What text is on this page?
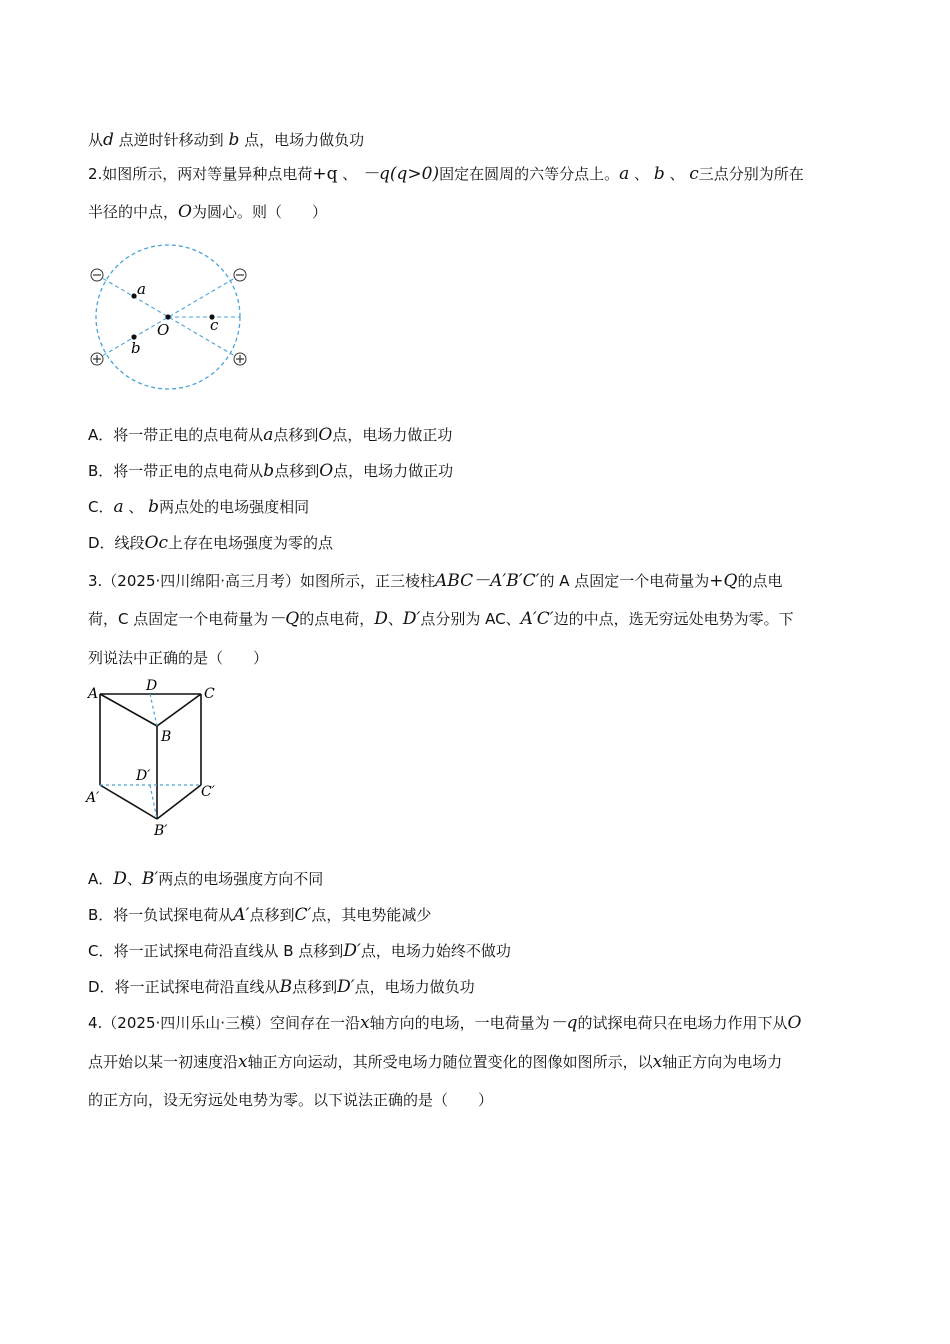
从d 点逆时针移动到 b 点，电场力做负功
2.如图所示，两对等量异种点电荷+q 、 －q(q>0)固定在圆周的六等分点上。a 、 b 、 c三点分别为所在
半径的中点，O为圆心。则（　　）
a
b
O	c
A．将一带正电的点电荷从a点移到O点，电场力做正功
B．将一带正电的点电荷从b点移到O点，电场力做正功
C．a 、 b两点处的电场强度相同
D．线段Oc上存在电场强度为零的点
3.（2025·四川绵阳·高三月考）如图所示，正三棱柱ABC－A′B′C′的 A 点固定一个电荷量为+Q的点电
荷，C 点固定一个电荷量为－Q的点电荷，D、D′点分别为 AC、A′C′边的中点，选无穷远处电势为零。下
列说法中正确的是（　　）
A	D	C
B
D′
A′	C′
B′
A．D、B′两点的电场强度方向不同
B．将一负试探电荷从A′点移到C′点，其电势能减少
C．将一正试探电荷沿直线从 B 点移到D′点，电场力始终不做功
D．将一正试探电荷沿直线从B点移到D′点，电场力做负功
4.（2025·四川乐山·三模）空间存在一沿x轴方向的电场，一电荷量为－q的试探电荷只在电场力作用下从O
点开始以某一初速度沿x轴正方向运动，其所受电场力随位置变化的图像如图所示，以x轴正方向为电场力
的正方向，设无穷远处电势为零。以下说法正确的是（　　）
